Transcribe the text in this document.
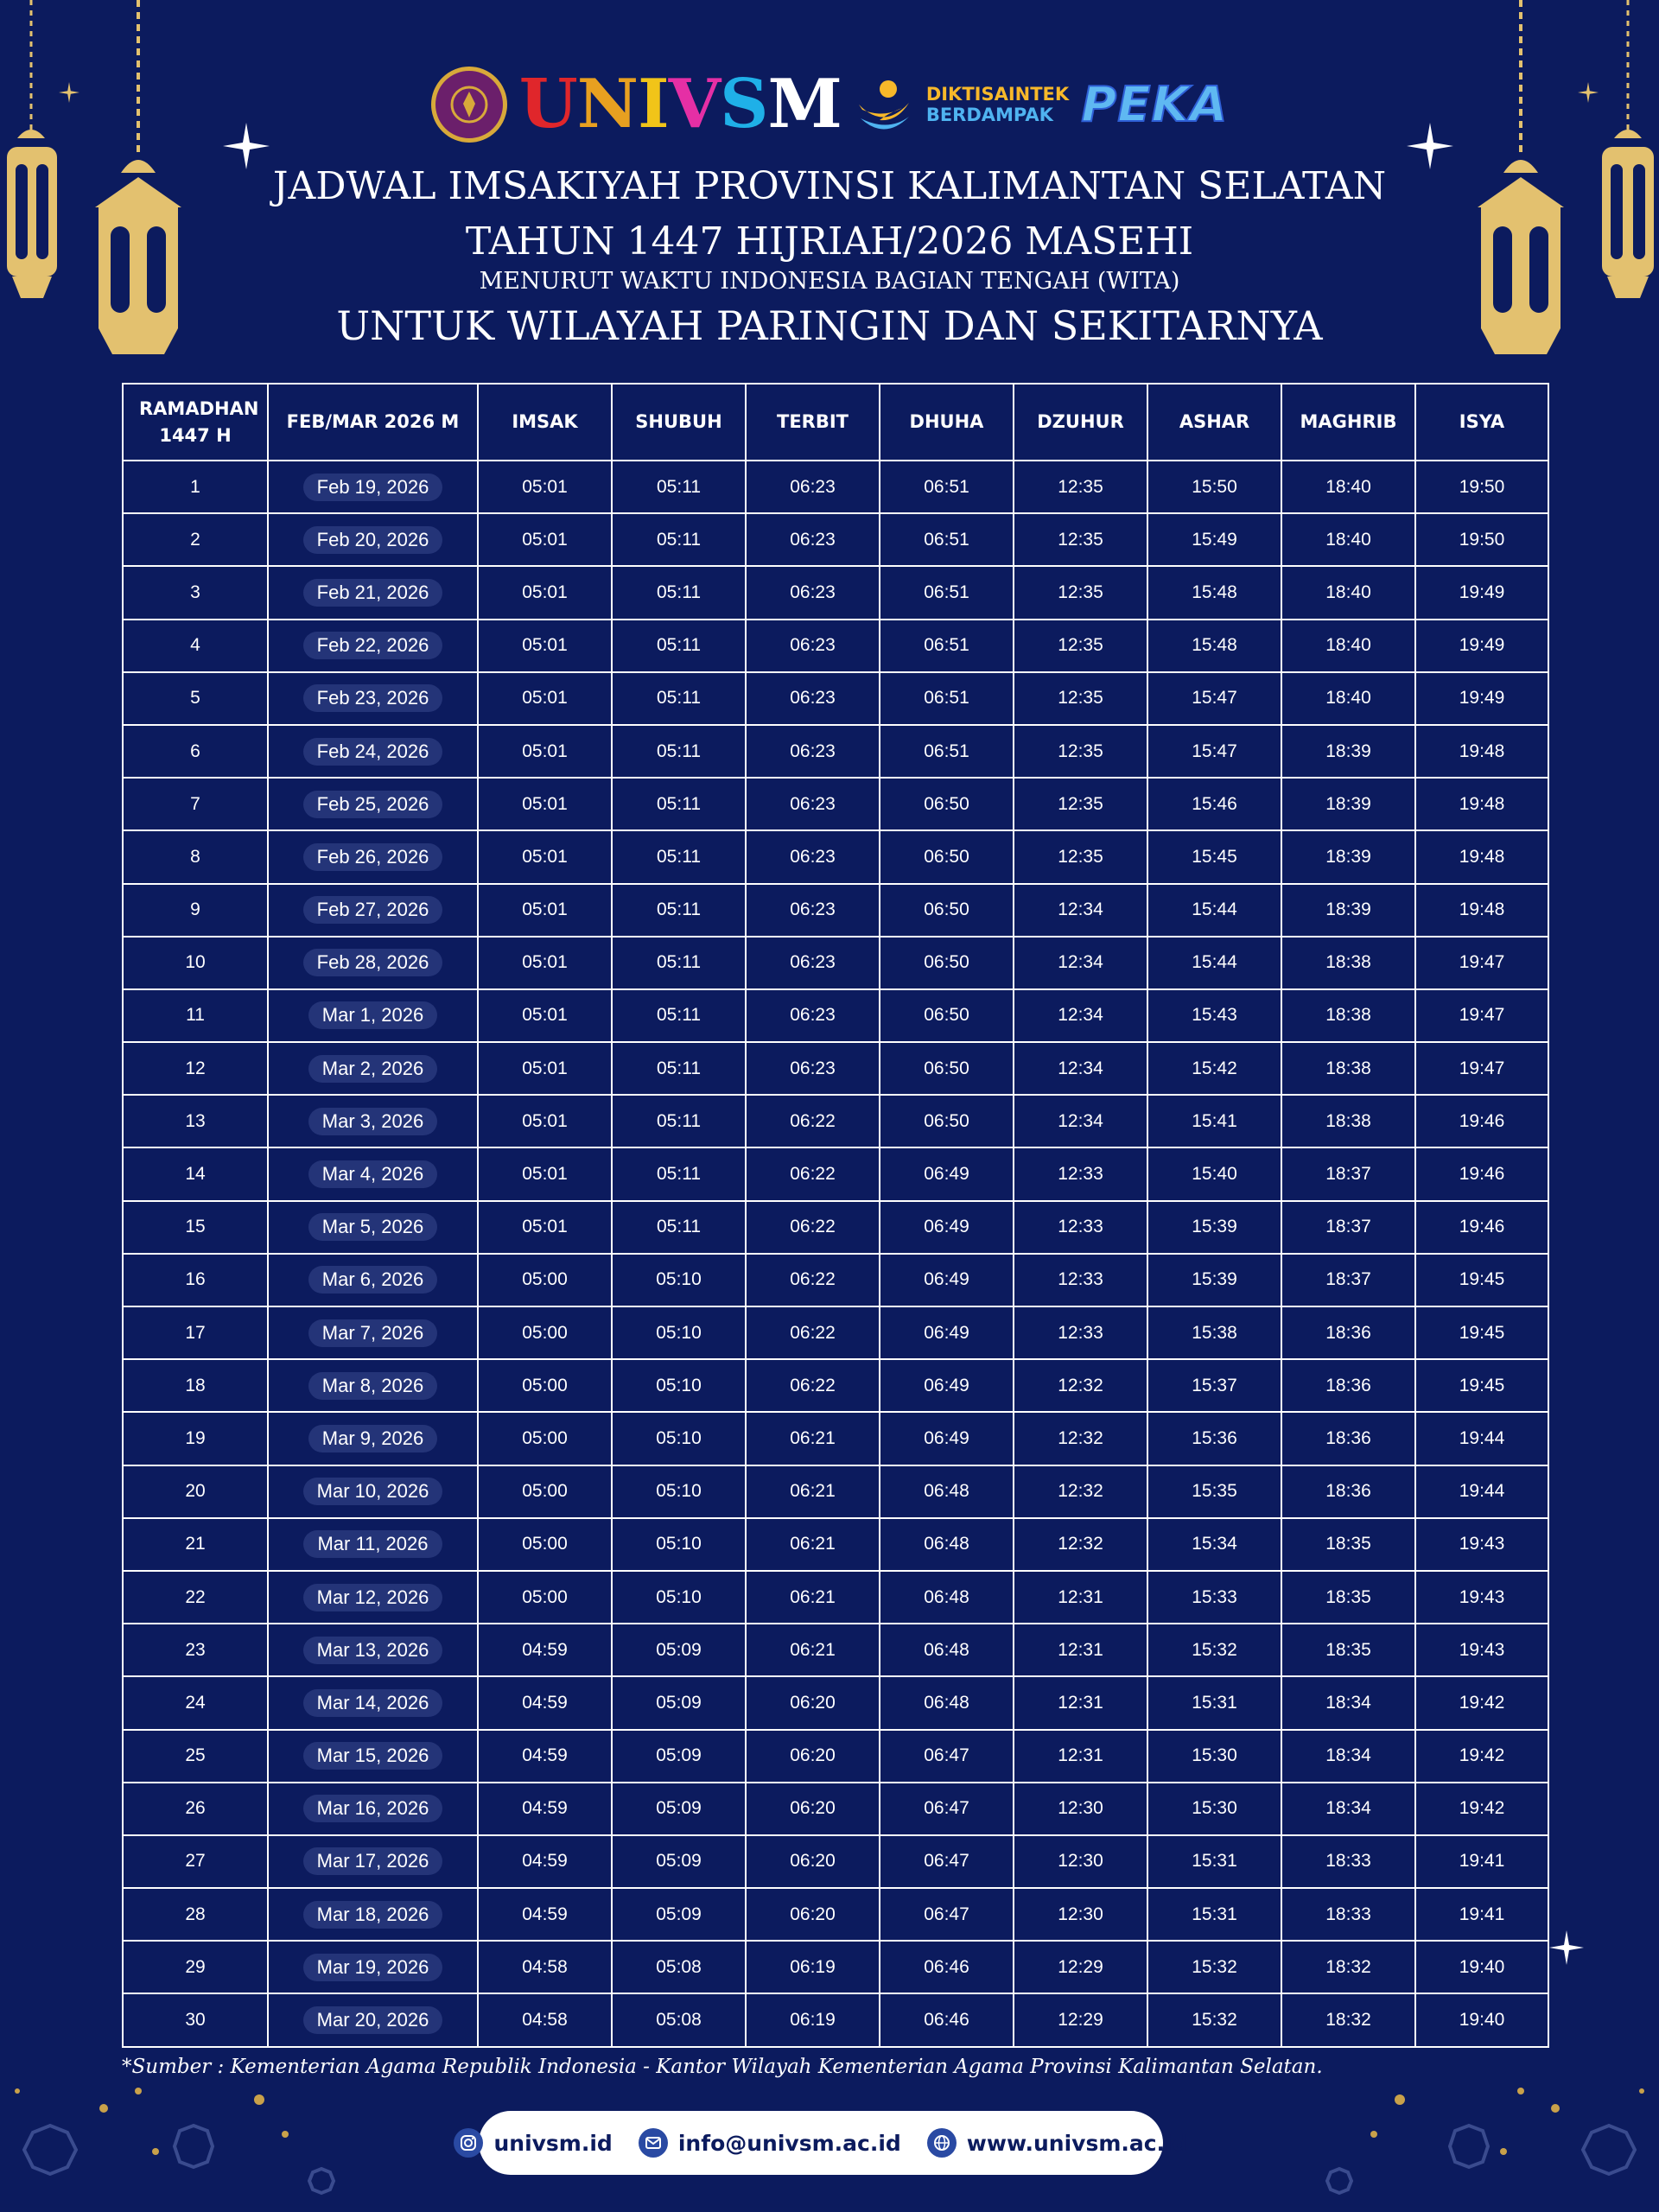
UNIVSM	DIKTISAINTEK
BERDAMPAK PEKA
JADWAL IMSAKIYAH PROVINSI KALIMANTAN SELATAN
TAHUN 1447 HIJRIAH/2026 MASEHI
MENURUT WAKTU INDONESIA BAGIAN TENGAH (WITA)
UNTUK WILAYAH PARINGIN DAN SEKITARNYA
RAMADHAN 1447 H	FEB/MAR 2026 M	IMSAK	SHUBUH	TERBIT	DHUHA	DZUHUR	ASHAR	MAGHRIB	ISYA
1	Feb 19, 2026	05:01	05:11	06:23	06:51	12:35	15:50	18:40	19:50
2	Feb 20, 2026	05:01	05:11	06:23	06:51	12:35	15:49	18:40	19:50
3	Feb 21, 2026	05:01	05:11	06:23	06:51	12:35	15:48	18:40	19:49
4	Feb 22, 2026	05:01	05:11	06:23	06:51	12:35	15:48	18:40	19:49
5	Feb 23, 2026	05:01	05:11	06:23	06:51	12:35	15:47	18:40	19:49
6	Feb 24, 2026	05:01	05:11	06:23	06:51	12:35	15:47	18:39	19:48
7	Feb 25, 2026	05:01	05:11	06:23	06:50	12:35	15:46	18:39	19:48
8	Feb 26, 2026	05:01	05:11	06:23	06:50	12:35	15:45	18:39	19:48
9	Feb 27, 2026	05:01	05:11	06:23	06:50	12:34	15:44	18:39	19:48
10	Feb 28, 2026	05:01	05:11	06:23	06:50	12:34	15:44	18:38	19:47
11	Mar 1, 2026	05:01	05:11	06:23	06:50	12:34	15:43	18:38	19:47
12	Mar 2, 2026	05:01	05:11	06:23	06:50	12:34	15:42	18:38	19:47
13	Mar 3, 2026	05:01	05:11	06:22	06:50	12:34	15:41	18:38	19:46
14	Mar 4, 2026	05:01	05:11	06:22	06:49	12:33	15:40	18:37	19:46
15	Mar 5, 2026	05:01	05:11	06:22	06:49	12:33	15:39	18:37	19:46
16	Mar 6, 2026	05:00	05:10	06:22	06:49	12:33	15:39	18:37	19:45
17	Mar 7, 2026	05:00	05:10	06:22	06:49	12:33	15:38	18:36	19:45
18	Mar 8, 2026	05:00	05:10	06:22	06:49	12:32	15:37	18:36	19:45
19	Mar 9, 2026	05:00	05:10	06:21	06:49	12:32	15:36	18:36	19:44
20	Mar 10, 2026	05:00	05:10	06:21	06:48	12:32	15:35	18:36	19:44
21	Mar 11, 2026	05:00	05:10	06:21	06:48	12:32	15:34	18:35	19:43
22	Mar 12, 2026	05:00	05:10	06:21	06:48	12:31	15:33	18:35	19:43
23	Mar 13, 2026	04:59	05:09	06:21	06:48	12:31	15:32	18:35	19:43
24	Mar 14, 2026	04:59	05:09	06:20	06:48	12:31	15:31	18:34	19:42
25	Mar 15, 2026	04:59	05:09	06:20	06:47	12:31	15:30	18:34	19:42
26	Mar 16, 2026	04:59	05:09	06:20	06:47	12:30	15:30	18:34	19:42
27	Mar 17, 2026	04:59	05:09	06:20	06:47	12:30	15:31	18:33	19:41
28	Mar 18, 2026	04:59	05:09	06:20	06:47	12:30	15:31	18:33	19:41
29	Mar 19, 2026	04:58	05:08	06:19	06:46	12:29	15:32	18:32	19:40
30	Mar 20, 2026	04:58	05:08	06:19	06:46	12:29	15:32	18:32	19:40
*Sumber : Kementerian Agama Republik Indonesia - Kantor Wilayah Kementerian Agama Provinsi Kalimantan Selatan.
univsm.id	info@univsm.ac.id	www.univsm.ac.id
